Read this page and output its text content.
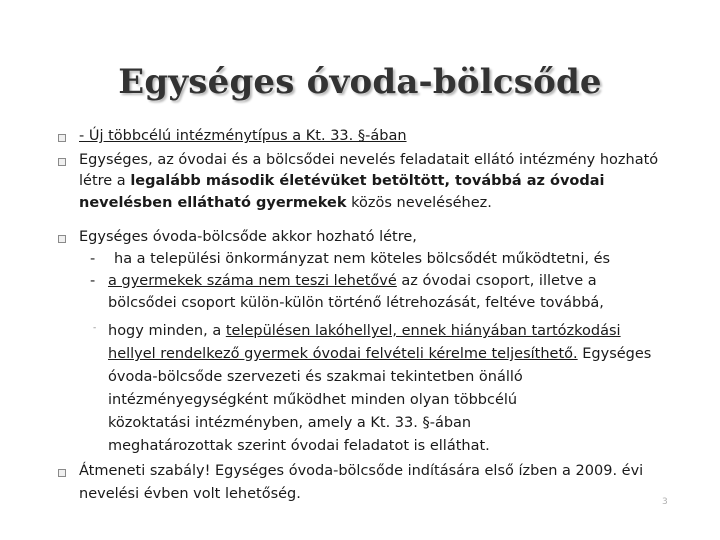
Egységes óvoda-bölcsőde
- Új többcélú intézménytípus a Kt. 33. §-ában
Egységes, az óvodai és a bölcsődei nevelés feladatait ellátó intézmény hozható
létre a legalább második életévüket betöltött, továbbá az óvodai
nevelésben ellátható gyermekek közös neveléséhez.
Egységes óvoda-bölcsőde akkor hozható létre,
- ha a települési önkormányzat nem köteles bölcsődét működtetni, és
- a gyermekek száma nem teszi lehetővé az óvodai csoport, illetve a
bölcsődei csoport külön-külön történő létrehozását, feltéve továbbá,
- hogy minden, a településen lakóhellyel, ennek hiányában tartózkodási
hellyel rendelkező gyermek óvodai felvételi kérelme teljesíthető. Egységes
óvoda-bölcsőde szervezeti és szakmai tekintetben önálló
intézményegységként működhet minden olyan többcélú
közoktatási intézményben, amely a Kt. 33. §-ában
meghatározottak szerint óvodai feladatot is elláthat.
Átmeneti szabály! Egységes óvoda-bölcsőde indítására első ízben a 2009. évi
nevelési évben volt lehetőség.	3
